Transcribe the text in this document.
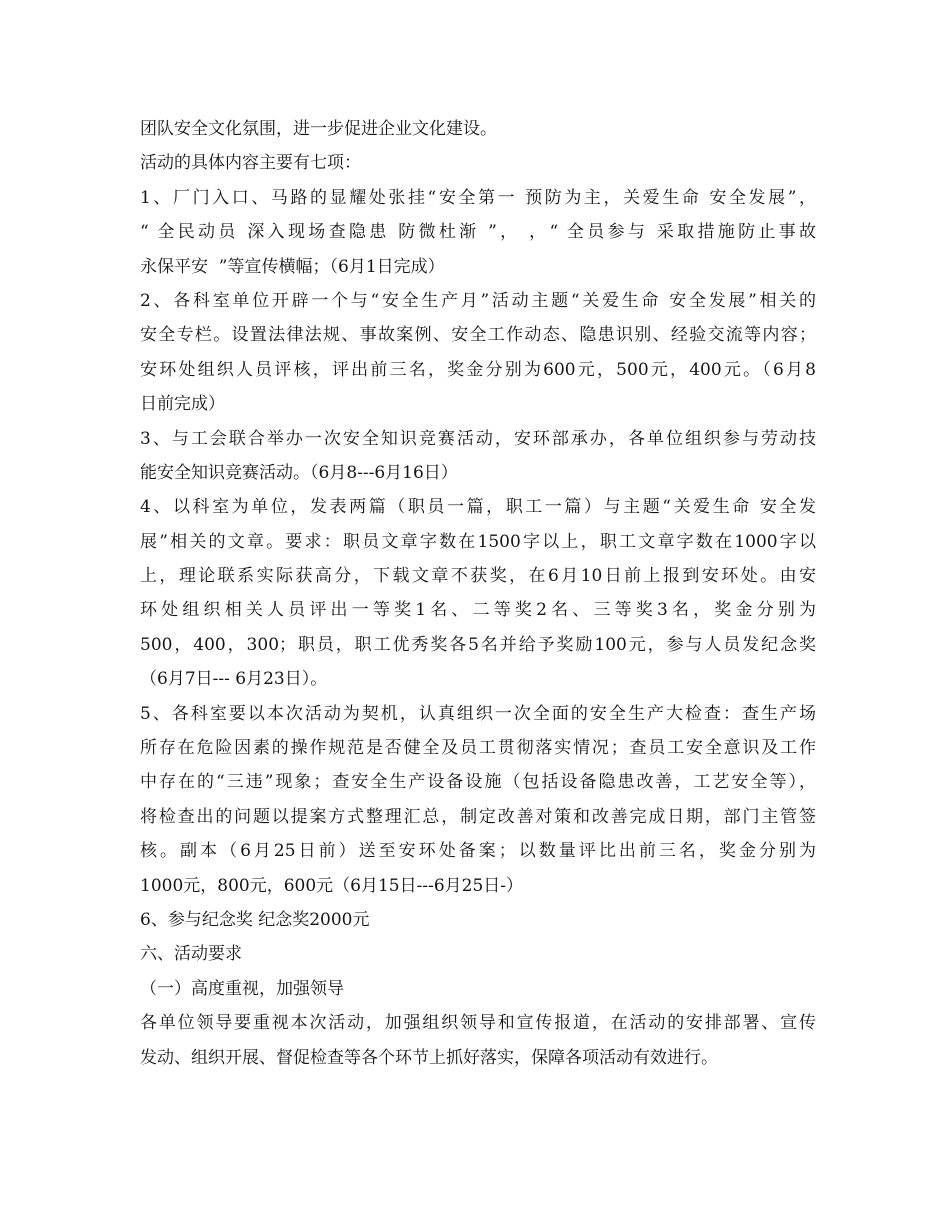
团队安全文化氛围，进一步促进企业文化建设。
活动的具体内容主要有七项：
1、厂门入口、马路的显耀处张挂“安全第一 预防为主，关爱生命 安全发展”，
“ 全民动员 深入现场查隐患 防微杜渐 ”， ，“ 全员参与 采取措施防止事故
永保平安  ”等宣传横幅；（6月1日完成）
2、各科室单位开辟一个与“安全生产月”活动主题“关爱生命 安全发展”相关的
安全专栏。设置法律法规、事故案例、安全工作动态、隐患识别、经验交流等内容；
安环处组织人员评核，评出前三名，奖金分别为600元，500元，400元。（6月8
日前完成）
3、与工会联合举办一次安全知识竞赛活动，安环部承办，各单位组织参与劳动技
能安全知识竞赛活动。（6月8---6月16日）
4、以科室为单位，发表两篇（职员一篇，职工一篇）与主题“关爱生命 安全发
展”相关的文章。要求：职员文章字数在1500字以上，职工文章字数在1000字以
上，理论联系实际获高分，下载文章不获奖，在6月10日前上报到安环处。由安
环处组织相关人员评出一等奖1名、二等奖2名、三等奖3名，奖金分别为
500，400，300；职员，职工优秀奖各5名并给予奖励100元，参与人员发纪念奖
（6月7日--- 6月23日）。
5、各科室要以本次活动为契机，认真组织一次全面的安全生产大检查：查生产场
所存在危险因素的操作规范是否健全及员工贯彻落实情况；查员工安全意识及工作
中存在的“三违”现象；查安全生产设备设施（包括设备隐患改善，工艺安全等），
将检查出的问题以提案方式整理汇总，制定改善对策和改善完成日期，部门主管签
核。副本（6月25日前）送至安环处备案；以数量评比出前三名，奖金分别为
1000元，800元，600元（6月15日---6月25日-）
6、参与纪念奖 纪念奖2000元
六、活动要求
（一）高度重视，加强领导
各单位领导要重视本次活动，加强组织领导和宣传报道，在活动的安排部署、宣传
发动、组织开展、督促检查等各个环节上抓好落实，保障各项活动有效进行。
